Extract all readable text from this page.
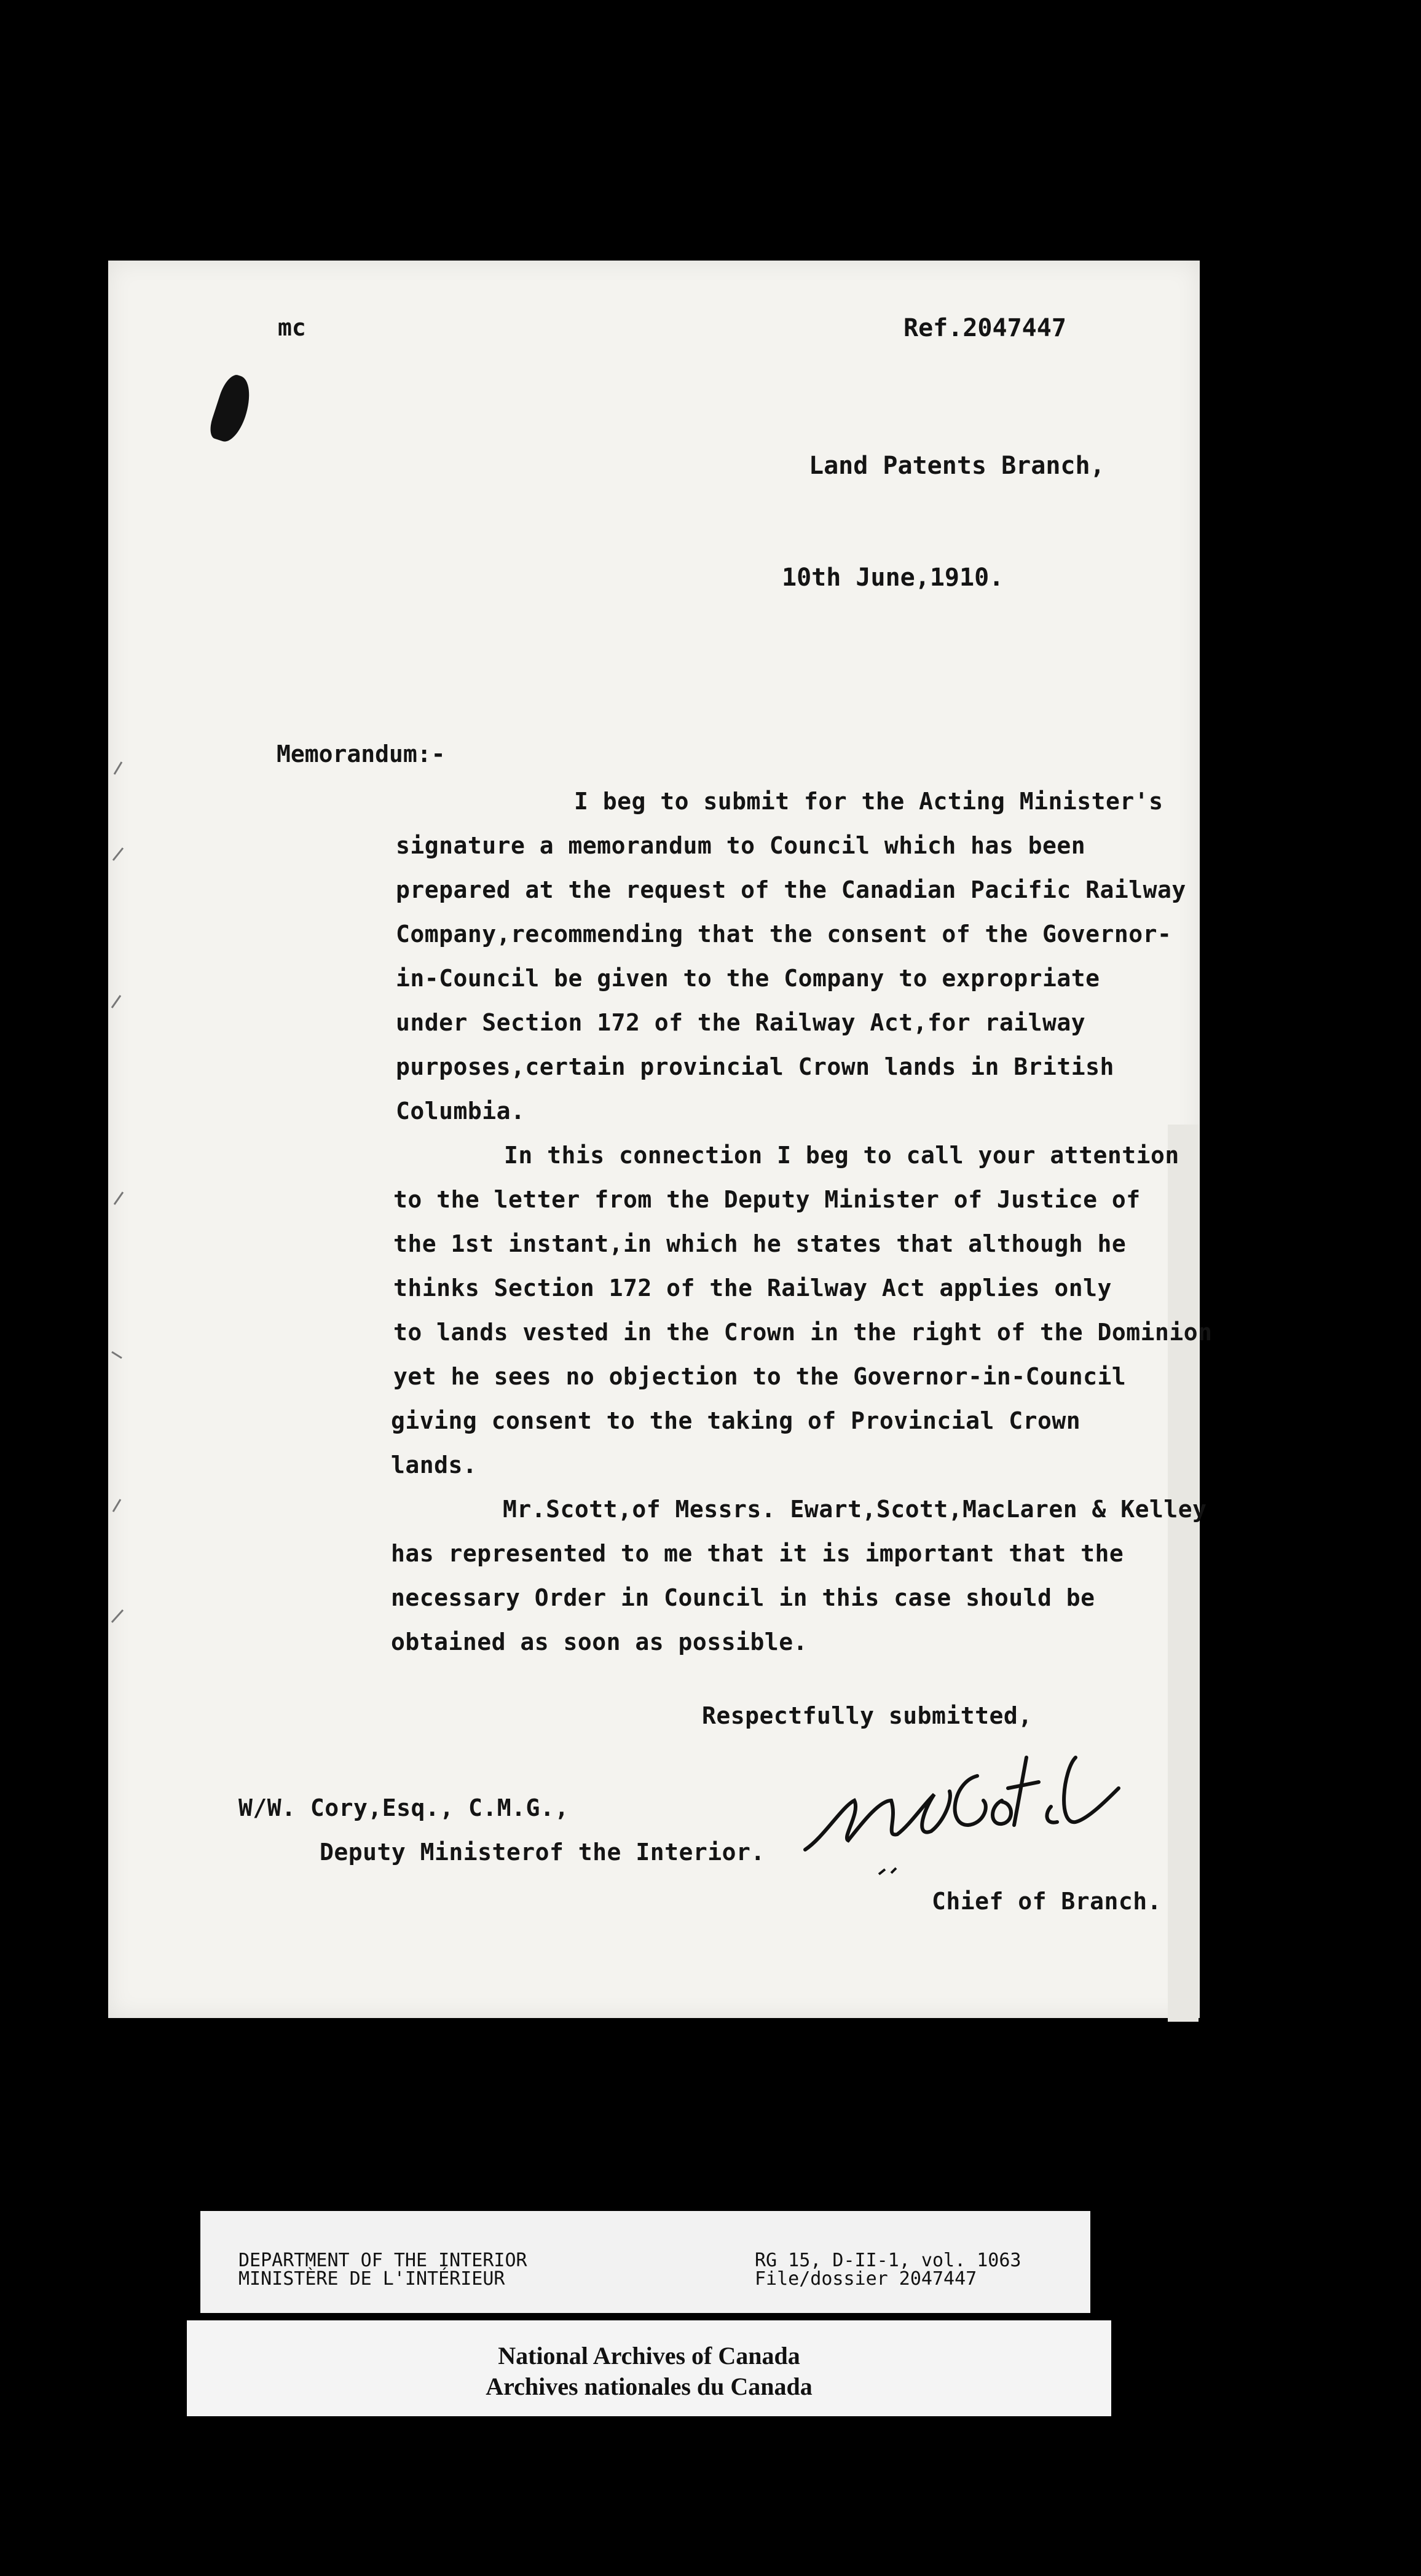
mc	Ref.2047447
Land Patents Branch,
10th June,1910.
Memorandum:-
I beg to submit for the Acting Minister's
signature a memorandum to Council which has been
prepared at the request of the Canadian Pacific Railway
Company,recommending that the consent of the Governor-
in-Council be given to the Company to expropriate
under Section 172 of the Railway Act,for railway
purposes,certain provincial Crown lands in British
Columbia.
In this connection I beg to call your attention
to the letter from the Deputy Minister of Justice of
the 1st instant,in which he states that although he
thinks Section 172 of the Railway Act applies only
to lands vested in the Crown in the right of the Dominion
yet he sees no objection to the Governor-in-Council
giving consent to the taking of Provincial Crown
lands.
Mr.Scott,of Messrs. Ewart,Scott,MacLaren & Kelley
has represented to me that it is important that the
necessary Order in Council in this case should be
obtained as soon as possible.
Respectfully submitted,
W/W. Cory,Esq., C.M.G.,
Deputy Ministerof the Interior.
Chief of Branch.
DEPARTMENT OF THE INTERIOR
MINISTÈRE DE L'INTÉRIEUR
RG 15, D-II-1, vol. 1063
File/dossier 2047447
National Archives of Canada
Archives nationales du Canada
